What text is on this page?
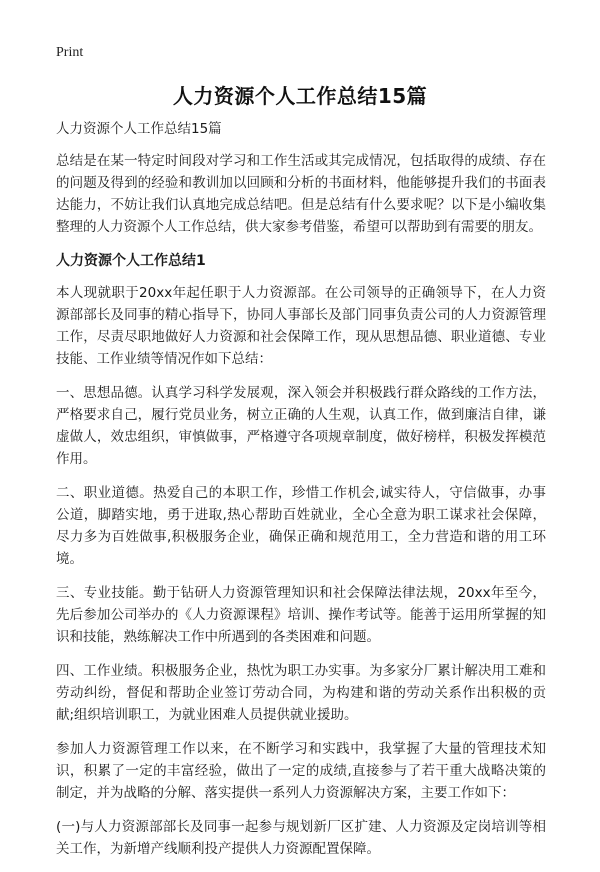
Print
人力资源个人工作总结15篇

人力资源个人工作总结15篇

总结是在某一特定时间段对学习和工作生活或其完成情况，包括取得的成绩、存在的问题及得到的经验和教训加以回顾和分析的书面材料，他能够提升我们的书面表达能力，不妨让我们认真地完成总结吧。但是总结有什么要求呢？以下是小编收集整理的人力资源个人工作总结，供大家参考借鉴，希望可以帮助到有需要的朋友。

人力资源个人工作总结1

本人现就职于20xx年起任职于人力资源部。在公司领导的正确领导下，在人力资源部部长及同事的精心指导下，协同人事部长及部门同事负责公司的人力资源管理工作，尽责尽职地做好人力资源和社会保障工作，现从思想品德、职业道德、专业技能、工作业绩等情况作如下总结：

一、思想品德。认真学习科学发展观，深入领会并积极践行群众路线的工作方法，严格要求自己，履行党员业务，树立正确的人生观，认真工作，做到廉洁自律，谦虚做人，效忠组织，审慎做事，严格遵守各项规章制度，做好榜样，积极发挥模范作用。

二、职业道德。热爱自己的本职工作，珍惜工作机会,诚实待人，守信做事，办事公道，脚踏实地，勇于进取,热心帮助百姓就业，全心全意为职工谋求社会保障，尽力多为百姓做事,积极服务企业，确保正确和规范用工，全力营造和谐的用工环境。

三、专业技能。勤于钻研人力资源管理知识和社会保障法律法规，20xx年至今，先后参加公司举办的《人力资源课程》培训、操作考试等。能善于运用所掌握的知识和技能，熟练解决工作中所遇到的各类困难和问题。

四、工作业绩。积极服务企业，热忱为职工办实事。为多家分厂累计解决用工难和劳动纠纷，督促和帮助企业签订劳动合同，为构建和谐的劳动关系作出积极的贡献;组织培训职工，为就业困难人员提供就业援助。

参加人力资源管理工作以来，在不断学习和实践中，我掌握了大量的管理技术知识，积累了一定的丰富经验，做出了一定的成绩,直接参与了若干重大战略决策的制定，并为战略的分解、落实提供一系列人力资源解决方案，主要工作如下：

(一)与人力资源部部长及同事一起参与规划新厂区扩建、人力资源及定岗培训等相关工作，为新增产线顺利投产提供人力资源配置保障。
